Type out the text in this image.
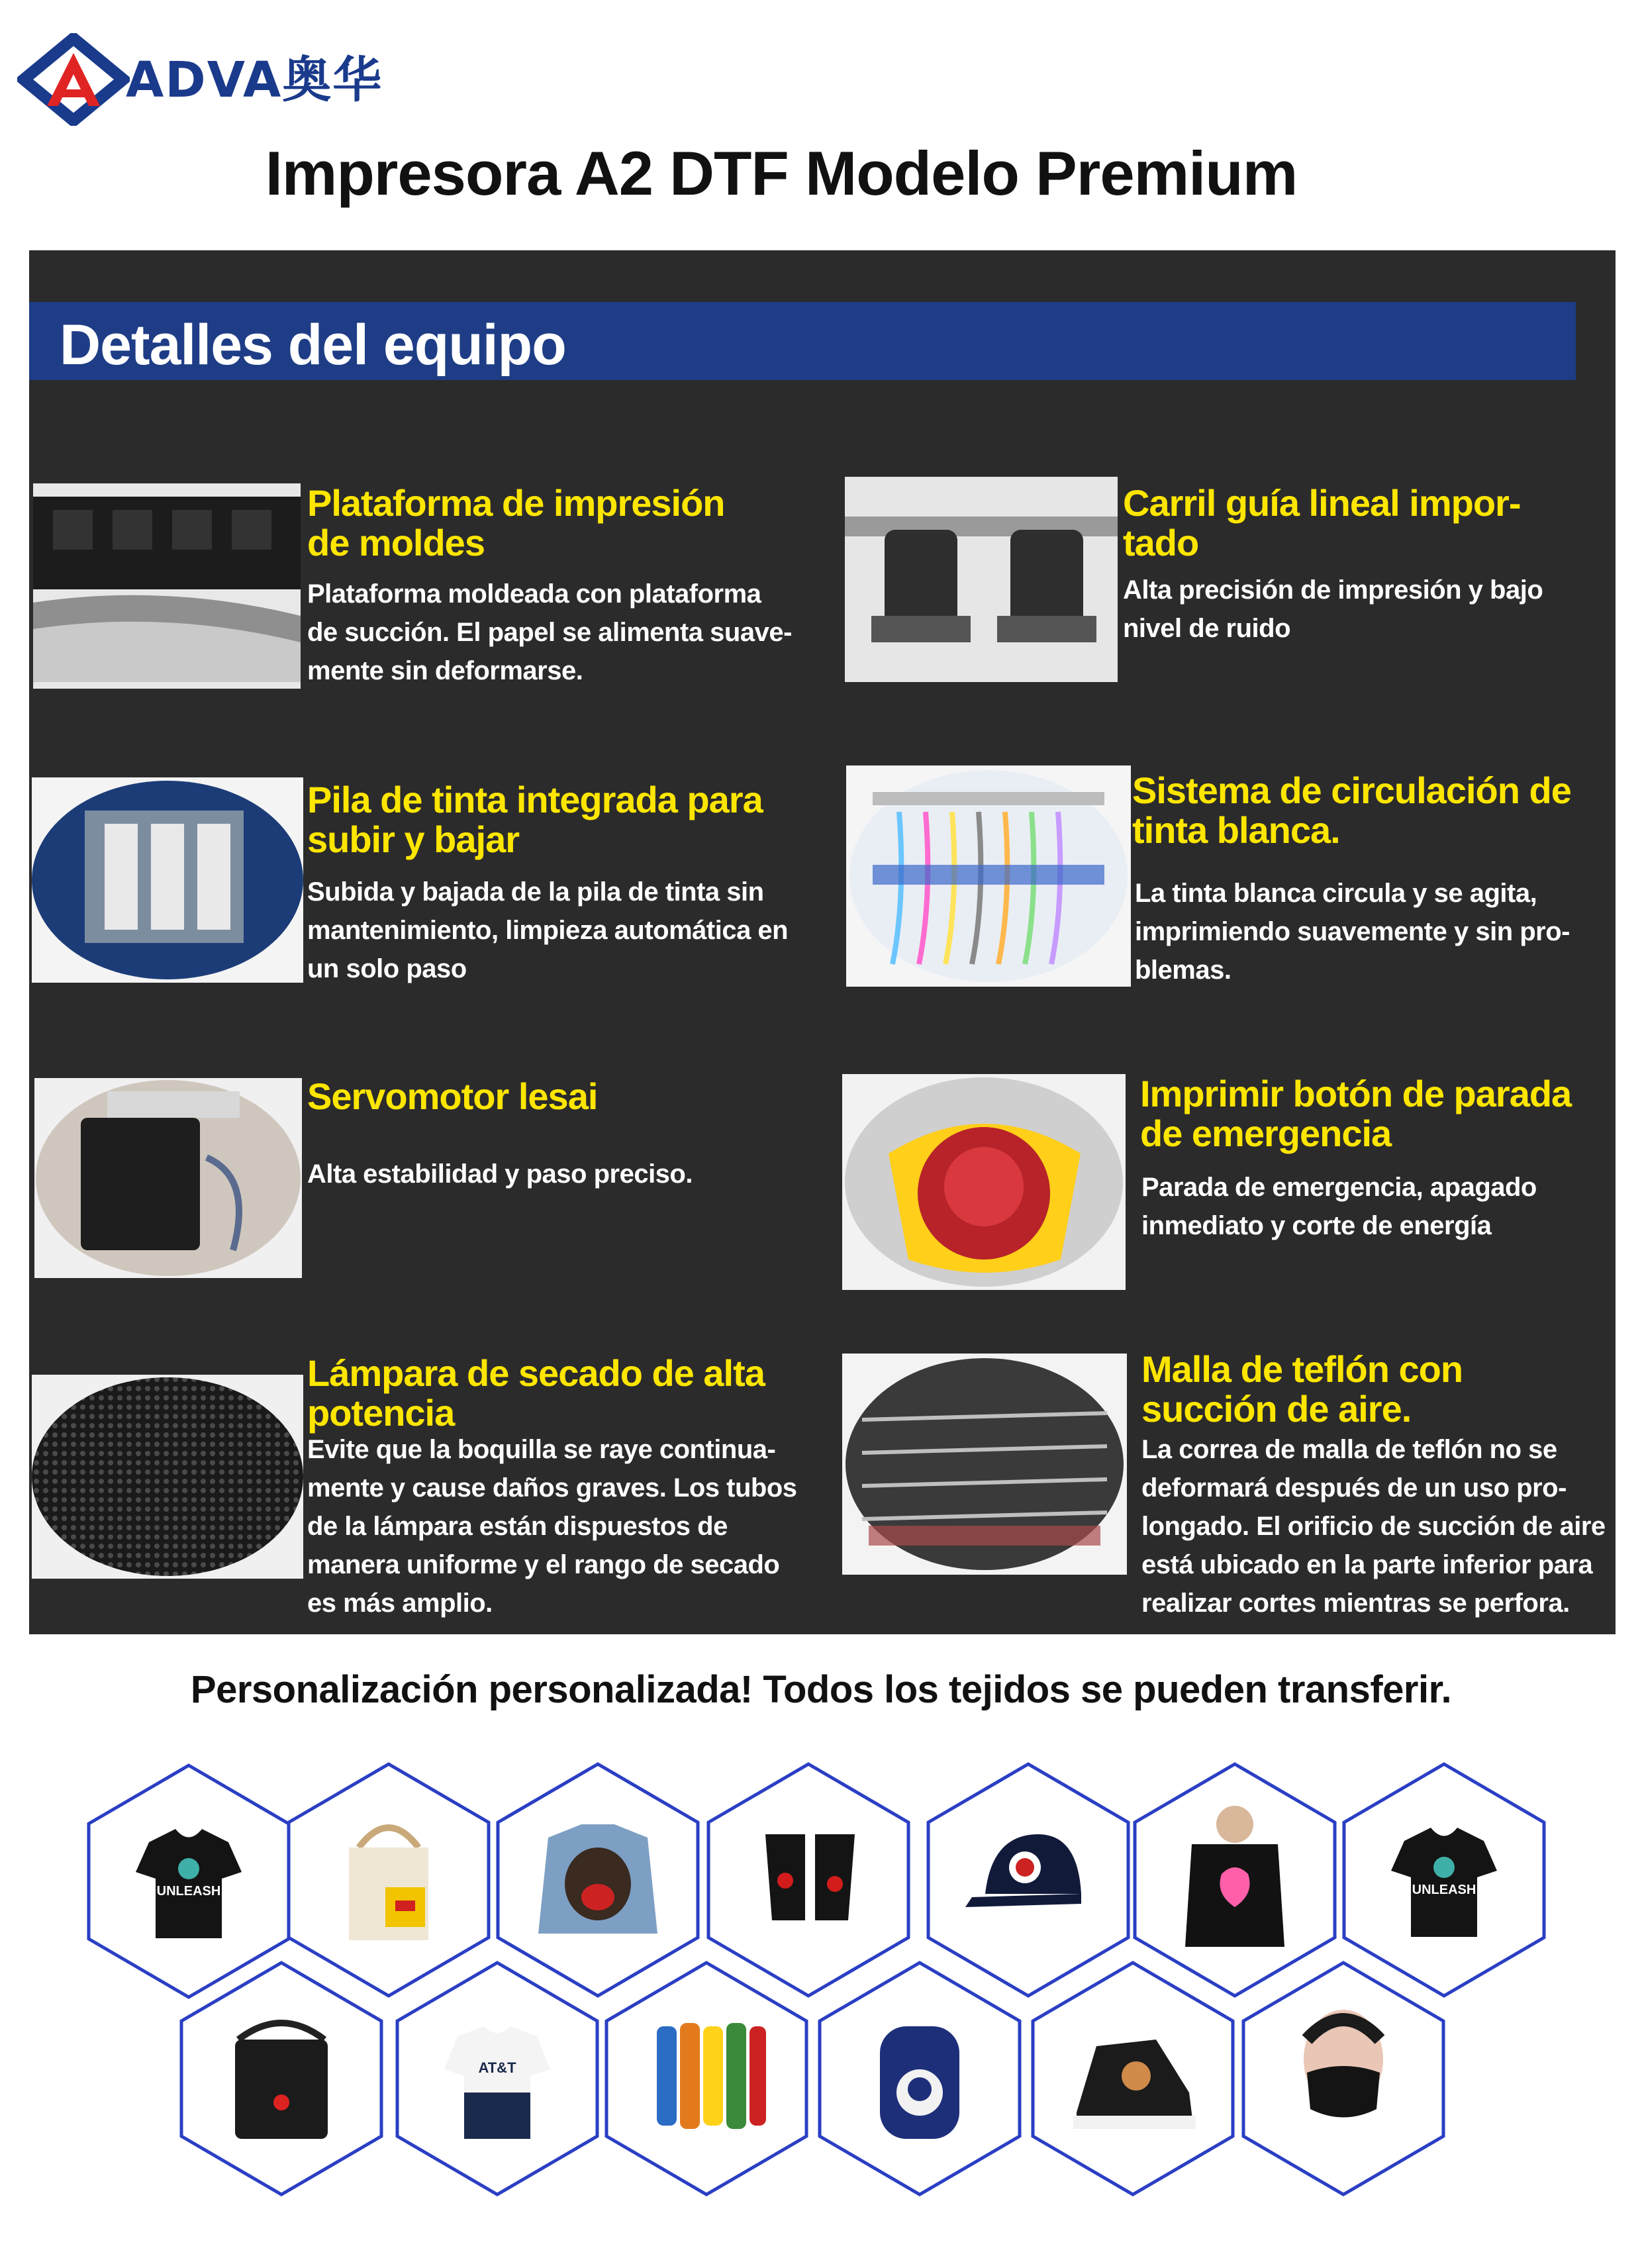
ADVA奥华
Impresora A2 DTF Modelo Premium
Detalles del equipo
Plataforma de impresión
de moldes
Plataforma moldeada con plataforma
de succión. El papel se alimenta suave-
mente sin deformarse.
Carril guía lineal impor-
tado
Alta precisión de impresión y bajo
nivel de ruido
Pila de tinta integrada para
subir y bajar
Subida y bajada de la pila de tinta sin
mantenimiento, limpieza automática en
un solo paso
Sistema de circulación de
tinta blanca.
La tinta blanca circula y se agita,
imprimiendo suavemente y sin pro-
blemas.
Servomotor lesai
Alta estabilidad y paso preciso.
Imprimir botón de parada
de emergencia
Parada de emergencia, apagado
inmediato y corte de energía
Lámpara de secado de alta
potencia
Evite que la boquilla se raye continua-
mente y cause daños graves. Los tubos
de la lámpara están dispuestos de
manera uniforme y el rango de secado
es más amplio.
Malla de teflón con
succión de aire.
La correa de malla de teflón no se
deformará después de un uso pro-
longado. El orificio de succión de aire
está ubicado en la parte inferior para
realizar cortes mientras se perfora.
Personalización personalizada! Todos los tejidos se pueden transferir.
UNLEASH	UNLEASH
AT&T
